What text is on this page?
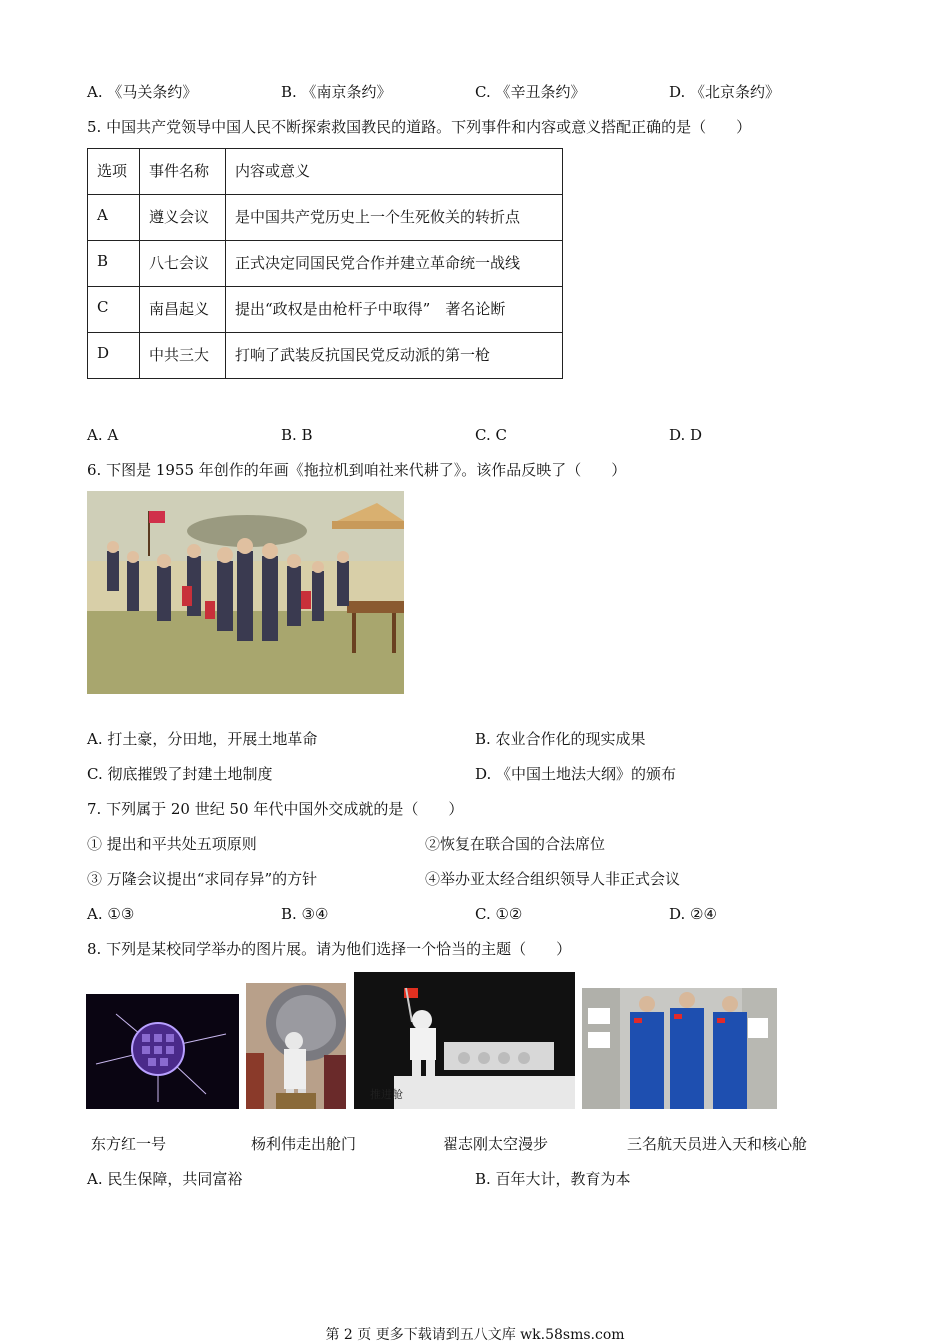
A. 《马关条约》	B. 《南京条约》	C. 《辛丑条约》	D. 《北京条约》
5. 中国共产党领导中国人民不断探索救国教民的道路。下列事件和内容或意义搭配正确的是（　　）
选项	事件名称	内容或意义
A	遵义会议	是中国共产党历史上一个生死攸关的转折点
B	八七会议	正式决定同国民党合作并建立革命统一战线
C	南昌起义	提出“政权是由枪杆子中取得”　著名论断
D	中共三大	打响了武装反抗国民党反动派的第一枪
A. A	B. B	C. C	D. D
6. 下图是 1955 年创作的年画《拖拉机到咱社来代耕了》。该作品反映了（　　）
A. 打土豪，分田地，开展土地革命	B. 农业合作化的现实成果
C. 彻底摧毁了封建土地制度	D. 《中国土地法大纲》的颁布
7. 下列属于 20 世纪 50 年代中国外交成就的是（　　）
① 提出和平共处五项原则	②恢复在联合国的合法席位
③ 万隆会议提出“求同存异”的方针	④举办亚太经合组织领导人非正式会议
A. ①③	B. ③④	C. ①②	D. ②④
8. 下列是某校同学举办的图片展。请为他们选择一个恰当的主题（　　）
推进舱
东方红一号	杨利伟走出舱门	翟志刚太空漫步	三名航天员进入天和核心舱
A. 民生保障，共同富裕	B. 百年大计，教育为本
第 2 页 更多下载请到五八文库 wk.58sms.com
